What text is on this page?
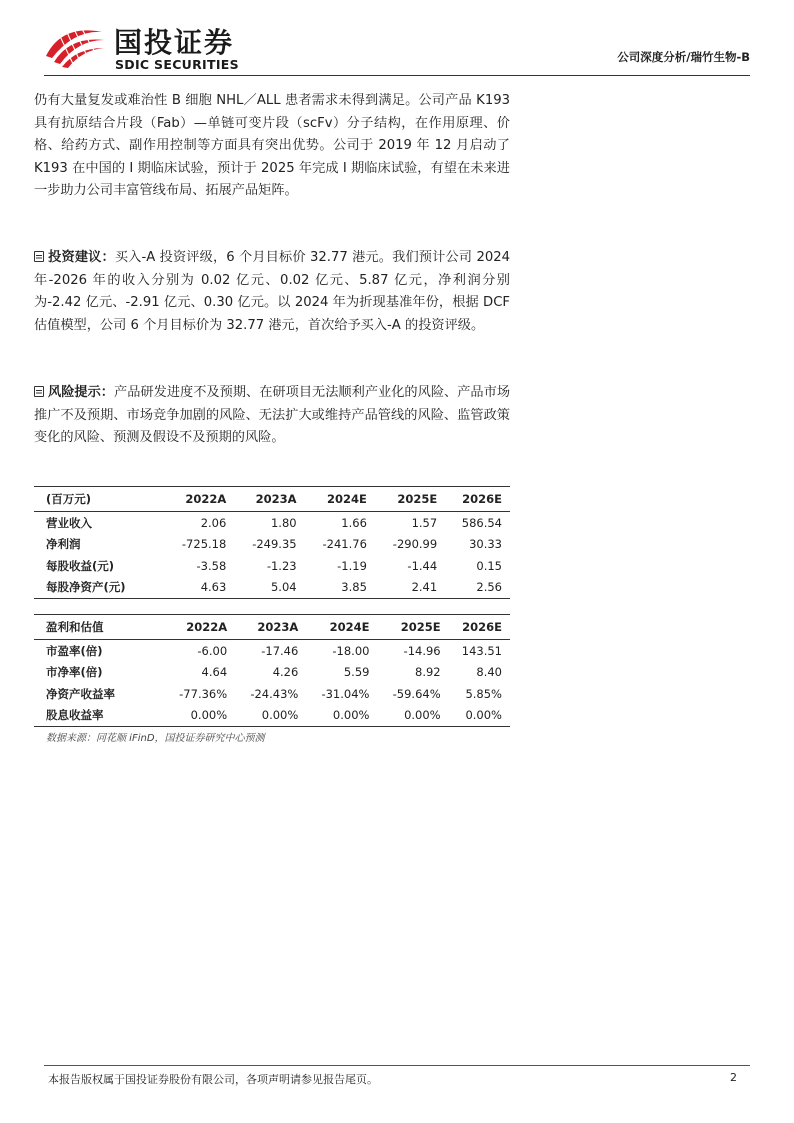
国投证券
SDIC SECURITIES	公司深度分析/瑞竹生物-B
仍有大量复发或难治性 B 细胞 NHL／ALL 患者需求未得到满足。公司产品 K193 具有抗原结合片段（Fab）—单链可变片段（scFv）分子结构，在作用原理、价格、给药方式、副作用控制等方面具有突出优势。公司于 2019 年 12 月启动了 K193 在中国的 I 期临床试验，预计于 2025 年完成 I 期临床试验，有望在未来进一步助力公司丰富管线布局、拓展产品矩阵。
投资建议：买入-A 投资评级，6 个月目标价 32.77 港元。我们预计公司 2024 年-2026 年的收入分别为 0.02 亿元、0.02 亿元、5.87 亿元，净利润分别为-2.42 亿元、-2.91 亿元、0.30 亿元。以 2024 年为折现基准年份，根据 DCF 估值模型，公司 6 个月目标价为 32.77 港元，首次给予买入-A 的投资评级。
风险提示：产品研发进度不及预期、在研项目无法顺利产业化的风险、产品市场推广不及预期、市场竞争加剧的风险、无法扩大或维持产品管线的风险、监管政策变化的风险、预测及假设不及预期的风险。
(百万元)	2022A	2023A	2024E	2025E	2026E
营业收入	2.06	1.80	1.66	1.57	586.54
净利润	-725.18	-249.35	-241.76	-290.99	30.33
每股收益(元)	-3.58	-1.23	-1.19	-1.44	0.15
每股净资产(元)	4.63	5.04	3.85	2.41	2.56
盈利和估值	2022A	2023A	2024E	2025E	2026E
市盈率(倍)	-6.00	-17.46	-18.00	-14.96	143.51
市净率(倍)	4.64	4.26	5.59	8.92	8.40
净资产收益率	-77.36%	-24.43%	-31.04%	-59.64%	5.85%
股息收益率	0.00%	0.00%	0.00%	0.00%	0.00%
数据来源：同花顺 iFinD，国投证券研究中心预测
本报告版权属于国投证券股份有限公司，各项声明请参见报告尾页。	2
